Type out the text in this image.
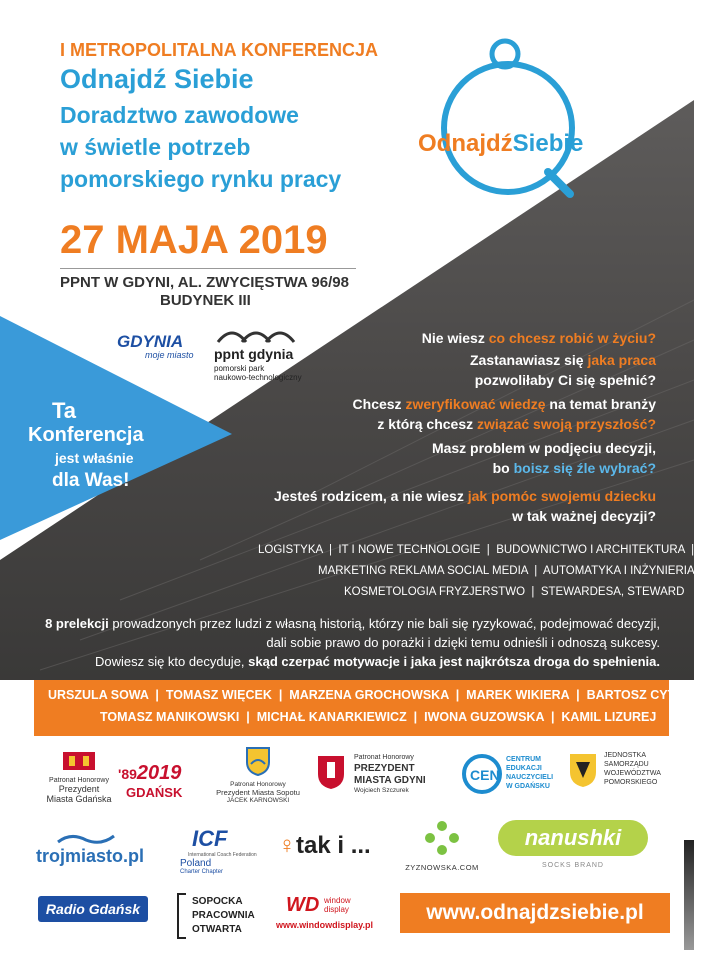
I METROPOLITALNA KONFERENCJA
Odnajdź Siebie
Doradztwo zawodowe
w świetle potrzeb
pomorskiego rynku pracy
27 MAJA 2019
PPNT W GDYNI, AL. ZWYCIĘSTWA 96/98
BUDYNEK III
OdnajdźSiebie
GDYNIA
moje miasto ppnt gdynia
pomorski park
naukowo-technologiczny
Ta
Konferencja
jest właśnie
dla Was!
Nie wiesz co chcesz robić w życiu?
Zastanawiasz się jaka praca
pozwoliłaby Ci się spełnić?
Chcesz zweryfikować wiedzę na temat branży
z którą chcesz związać swoją przyszłość?
Masz problem w podjęciu decyzji,
bo boisz się źle wybrać?
Jesteś rodzicem, a nie wiesz jak pomóc swojemu dziecku
w tak ważnej decyzji?
LOGISTYKA  |  IT I NOWE TECHNOLOGIE  |  BUDOWNICTWO I ARCHITEKTURA  |
MARKETING REKLAMA SOCIAL MEDIA  |  AUTOMATYKA I INŻYNIERIA  |
KOSMETOLOGIA FRYZJERSTWO  |  STEWARDESA, STEWARD
8 prelekcji prowadzonych przez ludzi z własną historią, którzy nie bali się ryzykować, podejmować decyzji,
dali sobie prawo do porażki i dzięki temu odnieśli i odnoszą sukcesy.
Dowiesz się kto decyduje, skąd czerpać motywacje i jaka jest najkrótsza droga do spełnienia.
URSZULA SOWA  |  TOMASZ WIĘCEK  |  MARZENA GROCHOWSKA  |  MAREK WIKIERA  |  BARTOSZ CYTROWSKI
TOMASZ MANIKOWSKI  |  MICHAŁ KANARKIEWICZ  |  IWONA GUZOWSKA  |  KAMIL LIZUREJ
Patronat Honorowy
Prezydent
Miasta Gdańska
'892019
GDAŃSK
Patronat Honorowy
Prezydent Miasta Sopotu
JACEK KARNOWSKI
Patronat Honorowy
PREZYDENT
MIASTA GDYNI
Wojciech Szczurek
CEN
CENTRUM
EDUKACJI
NAUCZYCIELI
W GDAŃSKU
JEDNOSTKA
SAMORZĄDU
WOJEWÓDZTWA
POMORSKIEGO
trojmiasto.pl
ICF
International Coach Federation
Poland
Charter Chapter
♀tak i ...
ZYZNOWSKA.COM
nanushki
SOCKS BRAND
Radio Gdańsk	SOPOCKA
PRACOWNIA
OTWARTA
WD window
display
www.windowdisplay.pl
www.odnajdzsiebie.pl
